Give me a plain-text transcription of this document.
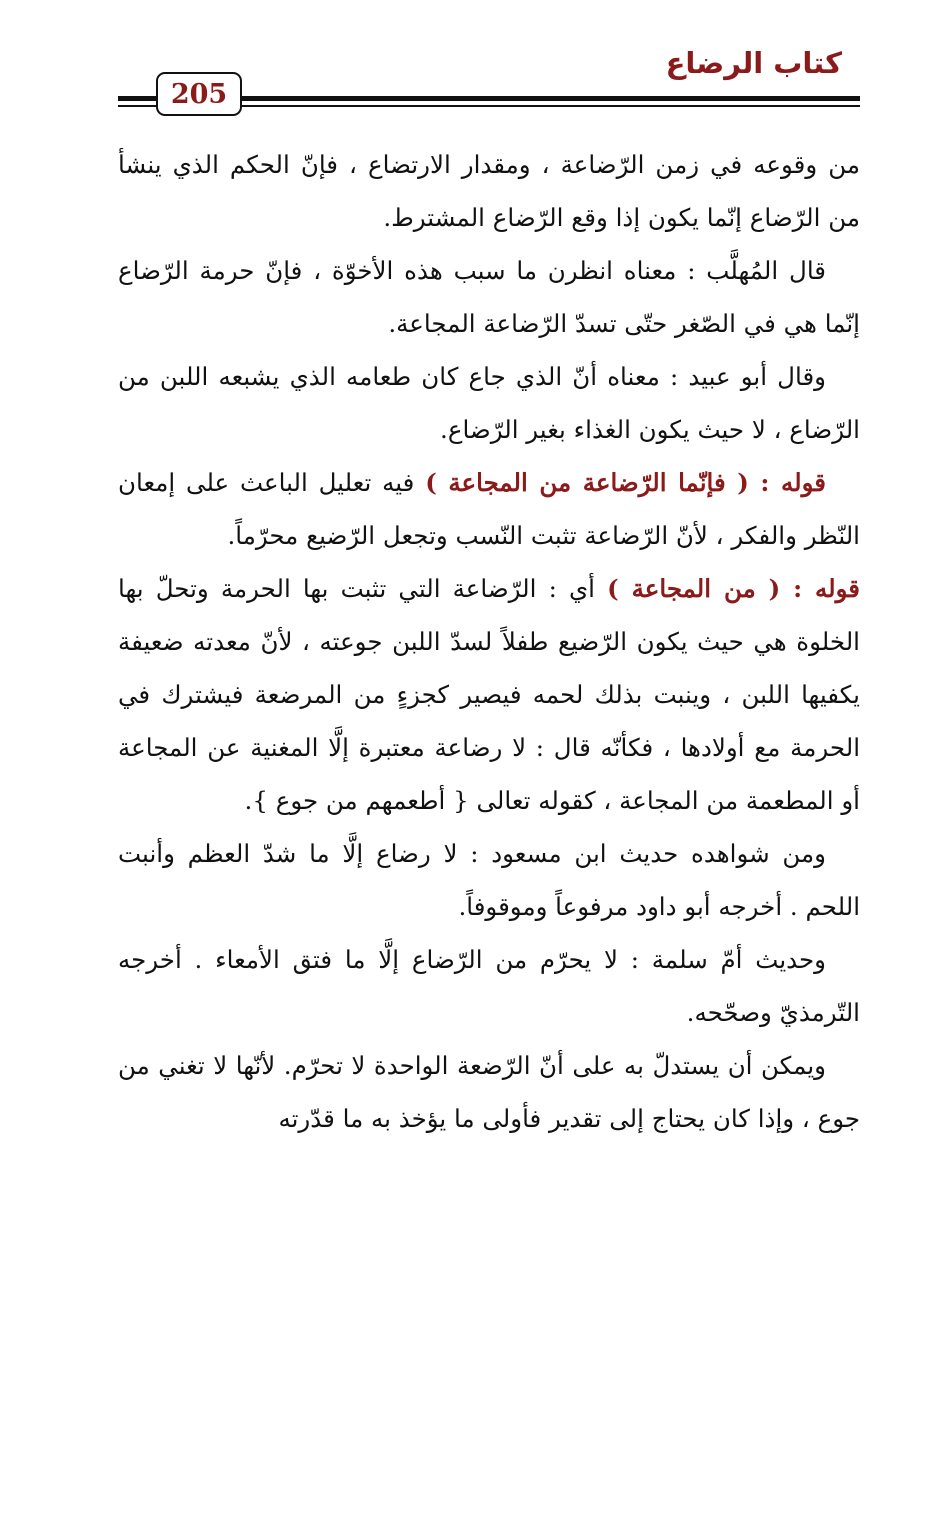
كتاب الرضاع
205

من وقوعه في زمن الرّضاعة ، ومقدار الارتضاع ، فإنّ الحكم الذي ينشأ من الرّضاع إنّما يكون إذا وقع الرّضاع المشترط.

قال المُهلَّب : معناه انظرن ما سبب هذه الأخوّة ، فإنّ حرمة الرّضاع إنّما هي في الصّغر حتّى تسدّ الرّضاعة المجاعة.

وقال أبو عبيد : معناه أنّ الذي جاع كان طعامه الذي يشبعه اللبن من الرّضاع ، لا حيث يكون الغذاء بغير الرّضاع.

قوله : ( فإنّما الرّضاعة من المجاعة ) فيه تعليل الباعث على إمعان النّظر والفكر ، لأنّ الرّضاعة تثبت النّسب وتجعل الرّضيع محرّماً.

قوله : ( من المجاعة ) أي : الرّضاعة التي تثبت بها الحرمة وتحلّ بها الخلوة هي حيث يكون الرّضيع طفلاً لسدّ اللبن جوعته ، لأنّ معدته ضعيفة يكفيها اللبن ، وينبت بذلك لحمه فيصير كجزءٍ من المرضعة فيشترك في الحرمة مع أولادها ، فكأنّه قال : لا رضاعة معتبرة إلَّا المغنية عن المجاعة أو المطعمة من المجاعة ، كقوله تعالى { أطعمهم من جوع }.

ومن شواهده حديث ابن مسعود : لا رضاع إلَّا ما شدّ العظم وأنبت اللحم . أخرجه أبو داود مرفوعاً وموقوفاً.

وحديث أمّ سلمة : لا يحرّم من الرّضاع إلَّا ما فتق الأمعاء . أخرجه التّرمذيّ وصحّحه.

ويمكن أن يستدلّ به على أنّ الرّضعة الواحدة لا تحرّم. لأنّها لا تغني من جوع ، وإذا كان يحتاج إلى تقدير فأولى ما يؤخذ به ما قدّرته
